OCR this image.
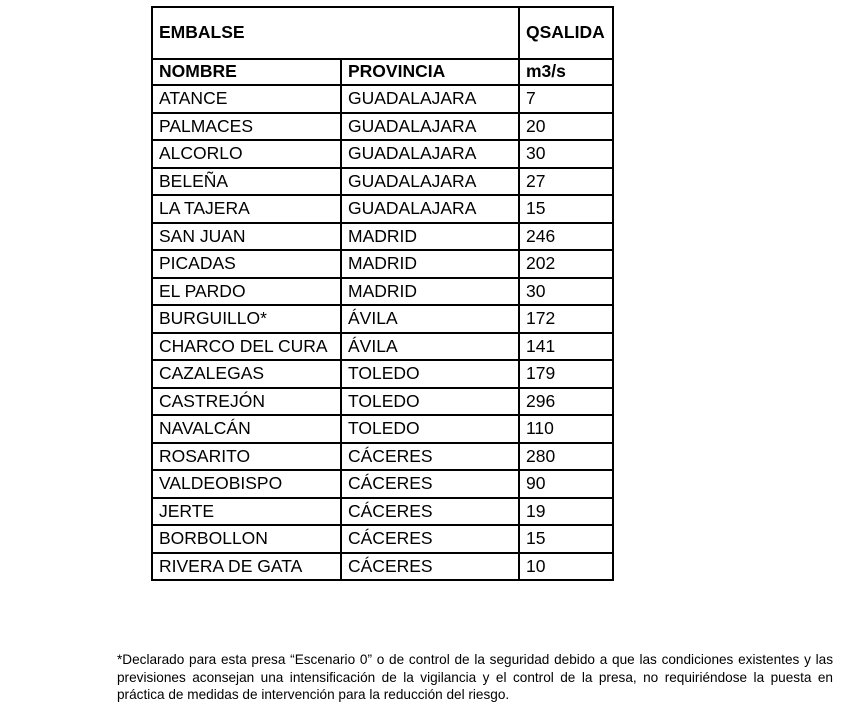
EMBALSE		QSALIDA
NOMBRE	PROVINCIA	m3/s
ATANCE	GUADALAJARA	7
PALMACES	GUADALAJARA	20
ALCORLO	GUADALAJARA	30
BELEÑA	GUADALAJARA	27
LA TAJERA	GUADALAJARA	15
SAN JUAN	MADRID	246
PICADAS	MADRID	202
EL PARDO	MADRID	30
BURGUILLO*	ÁVILA	172
CHARCO DEL CURA	ÁVILA	141
CAZALEGAS	TOLEDO	179
CASTREJÓN	TOLEDO	296
NAVALCÁN	TOLEDO	110
ROSARITO	CÁCERES	280
VALDEOBISPO	CÁCERES	90
JERTE	CÁCERES	19
BORBOLLON	CÁCERES	15
RIVERA DE GATA	CÁCERES	10

*Declarado para esta presa “Escenario 0” o de control de la seguridad debido a que las condiciones existentes y las previsiones aconsejan una intensificación de la vigilancia y el control de la presa, no requiriéndose la puesta en práctica de medidas de intervención para la reducción del riesgo.
